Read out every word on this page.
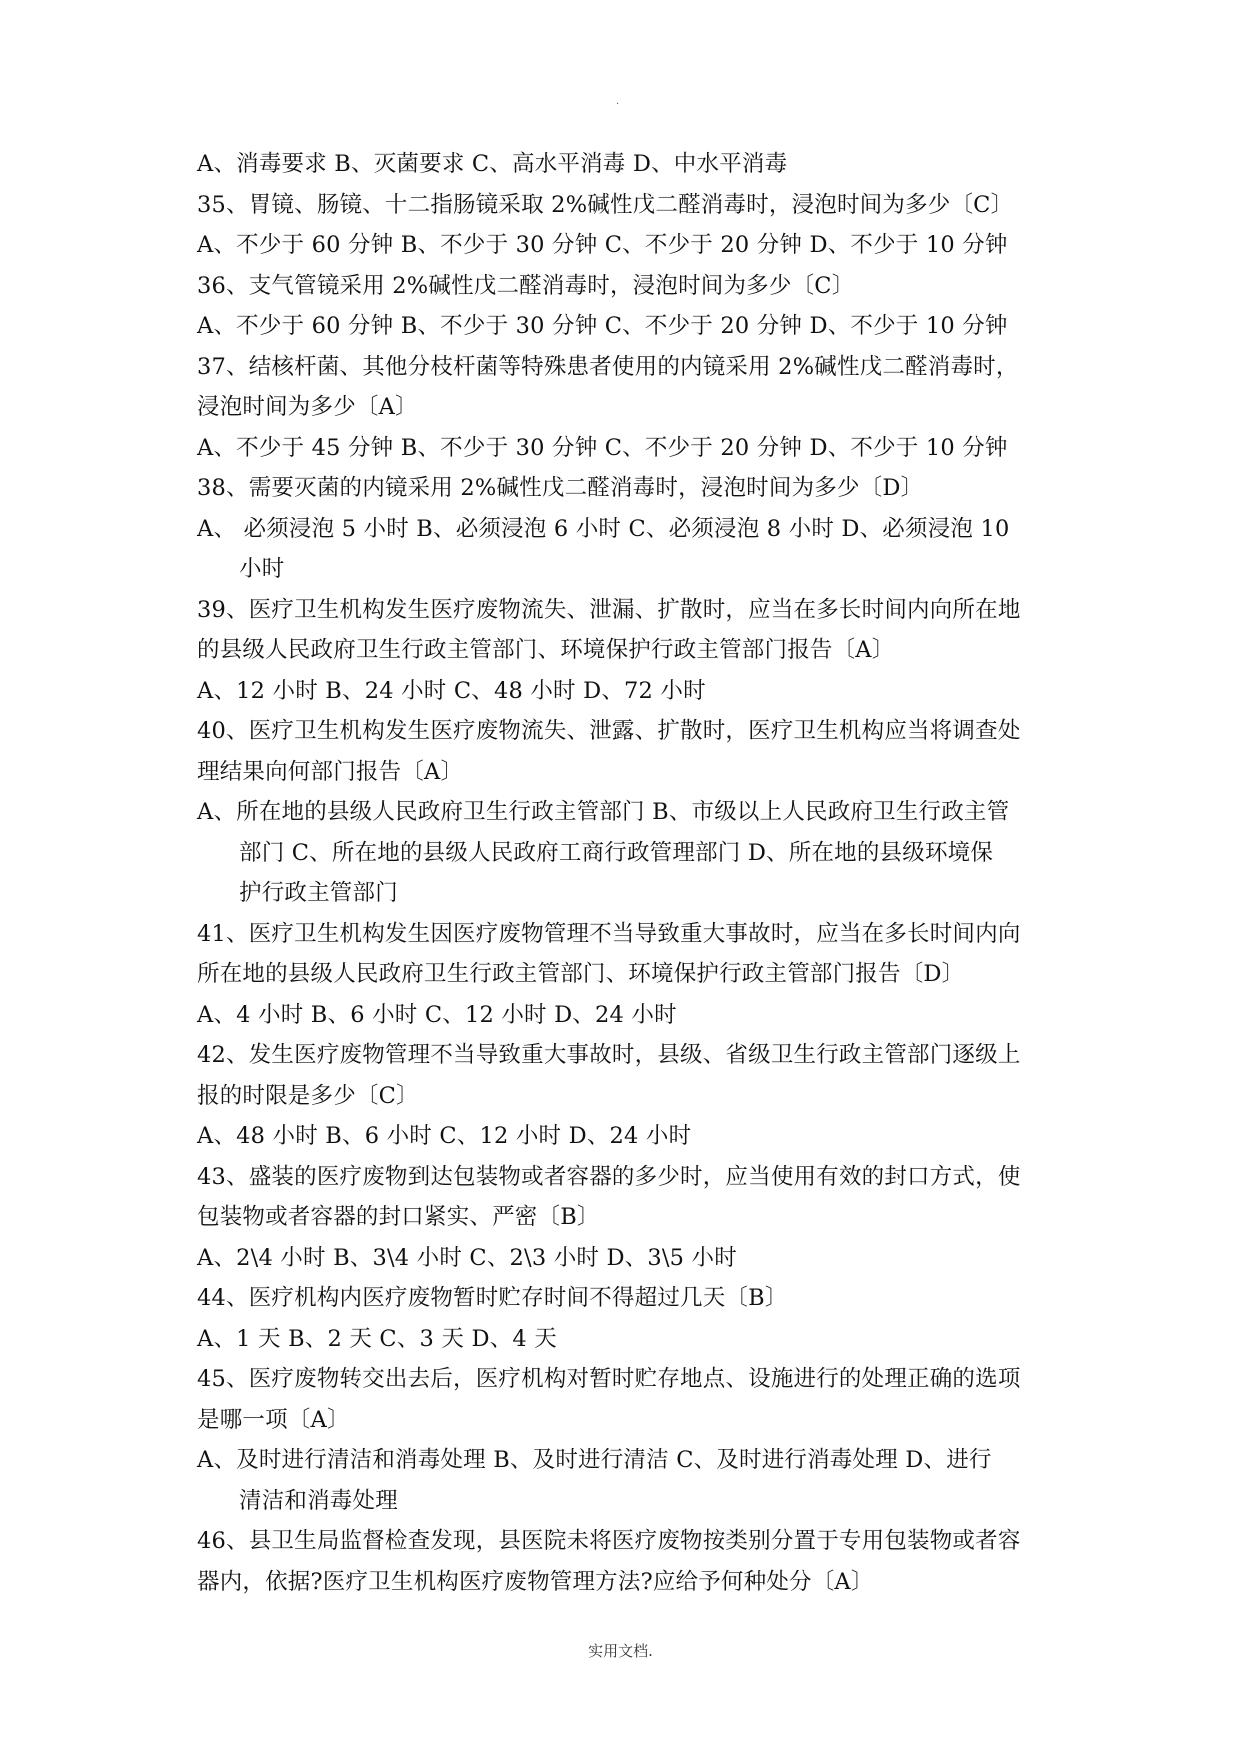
.
A、消毒要求 B、灭菌要求 C、高水平消毒 D、中水平消毒
35、胃镜、肠镜、十二指肠镜采取 2%碱性戊二醛消毒时，浸泡时间为多少〔C〕
A、不少于 60 分钟 B、不少于 30 分钟 C、不少于 20 分钟 D、不少于 10 分钟
36、支气管镜采用 2%碱性戊二醛消毒时，浸泡时间为多少〔C〕
A、不少于 60 分钟 B、不少于 30 分钟 C、不少于 20 分钟 D、不少于 10 分钟
37、结核杆菌、其他分枝杆菌等特殊患者使用的内镜采用 2%碱性戊二醛消毒时，
浸泡时间为多少〔A〕
A、不少于 45 分钟 B、不少于 30 分钟 C、不少于 20 分钟 D、不少于 10 分钟
38、需要灭菌的内镜采用 2%碱性戊二醛消毒时，浸泡时间为多少〔D〕
A、 必须浸泡 5 小时 B、必须浸泡 6 小时 C、必须浸泡 8 小时 D、必须浸泡 10
小时
39、医疗卫生机构发生医疗废物流失、泄漏、扩散时，应当在多长时间内向所在地
的县级人民政府卫生行政主管部门、环境保护行政主管部门报告〔A〕
A、12 小时 B、24 小时 C、48 小时 D、72 小时
40、医疗卫生机构发生医疗废物流失、泄露、扩散时，医疗卫生机构应当将调查处
理结果向何部门报告〔A〕
A、所在地的县级人民政府卫生行政主管部门 B、市级以上人民政府卫生行政主管
部门 C、所在地的县级人民政府工商行政管理部门 D、所在地的县级环境保
护行政主管部门
41、医疗卫生机构发生因医疗废物管理不当导致重大事故时，应当在多长时间内向
所在地的县级人民政府卫生行政主管部门、环境保护行政主管部门报告〔D〕
A、4 小时 B、6 小时 C、12 小时 D、24 小时
42、发生医疗废物管理不当导致重大事故时，县级、省级卫生行政主管部门逐级上
报的时限是多少〔C〕
A、48 小时 B、6 小时 C、12 小时 D、24 小时
43、盛装的医疗废物到达包装物或者容器的多少时，应当使用有效的封口方式，使
包装物或者容器的封口紧实、严密〔B〕
A、2\4 小时 B、3\4 小时 C、2\3 小时 D、3\5 小时
44、医疗机构内医疗废物暂时贮存时间不得超过几天〔B〕
A、1 天 B、2 天 C、3 天 D、4 天
45、医疗废物转交出去后，医疗机构对暂时贮存地点、设施进行的处理正确的选项
是哪一项〔A〕
A、及时进行清洁和消毒处理 B、及时进行清洁 C、及时进行消毒处理 D、进行
清洁和消毒处理
46、县卫生局监督检查发现，县医院未将医疗废物按类别分置于专用包装物或者容
器内，依据?医疗卫生机构医疗废物管理方法?应给予何种处分〔A〕
实用文档.
